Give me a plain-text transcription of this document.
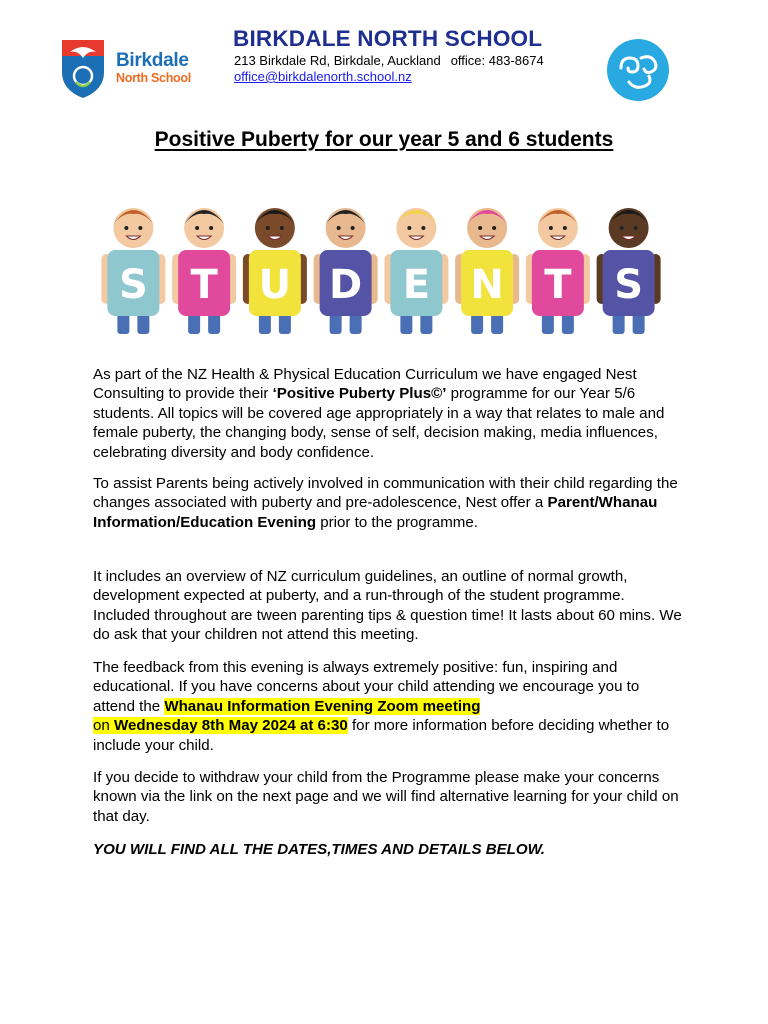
Birkdale
North School
BIRKDALE NORTH SCHOOL
213 Birkdale Rd, Birkdale, Auckland office: 483-8674
office@birkdalenorth.school.nz
Positive Puberty for our year 5 and 6 students
S T U D E N T S
As part of the NZ Health & Physical Education Curriculum we have engaged Nest Consulting to provide their ‘Positive Puberty Plus©’ programme for our Year 5/6 students. All topics will be covered age appropriately in a way that relates to male and female puberty, the changing body, sense of self, decision making, media influences, celebrating diversity and body confidence.
To assist Parents being actively involved in communication with their child regarding the changes associated with puberty and pre-adolescence, Nest offer a Parent/Whanau Information/Education Evening prior to the programme.
It includes an overview of NZ curriculum guidelines, an outline of normal growth, development expected at puberty, and a run-through of the student programme. Included throughout are tween parenting tips & question time! It lasts about 60 mins. We do ask that your children not attend this meeting.
The feedback from this evening is always extremely positive: fun, inspiring and educational. If you have concerns about your child attending we encourage you to attend the Whanau Information Evening Zoom meeting
on Wednesday 8th May 2024 at 6:30 for more information before deciding whether to include your child.
If you decide to withdraw your child from the Programme please make your concerns known via the link on the next page and we will find alternative learning for your child on that day.
YOU WILL FIND ALL THE DATES,TIMES AND DETAILS BELOW.
